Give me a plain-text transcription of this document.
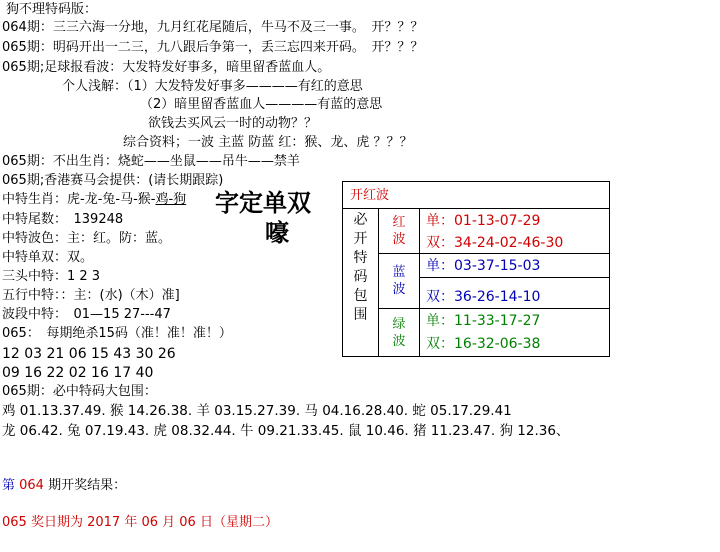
狗不理特码版：
064期：三三六海一分地，九月红花尾随后，牛马不及三一事。　开？？？
065期：明码开出一二三，九八跟后争第一，丢三忘四来开码。　开？？？
065期;足球报看波：大发特发好事多，暗里留香蓝血人。
个人浅解：（1）大发特发好事多————有红的意思
（2）暗里留香蓝血人————有蓝的意思
欲钱去买风云一时的动物？？
综合资料；一波 主蓝 防蓝 红：猴、龙、虎 ？？？
065期：不出生肖：烧蛇——坐鼠——吊牛——禁羊
065期;香港赛马会提供：(请长期跟踪)
中特生肖：虎-龙-兔-马-猴-鸡-狗
中特尾数：　139248
中特波色：主：红。防：蓝。
中特单双：双。
三头中特：1 2 3
五行中特：：主：(水)（木）准]
波段中特：　01—15 27---47
065：　每期绝杀15码（准！准！准！）
12 03 21 06 15 43 30 26
09 16 22 02 16 17 40
065期：必中特码大包围：
鸡 01.13.37.49. 猴 14.26.38. 羊 03.15.27.39. 马 04.16.28.40. 蛇 05.17.29.41
龙 06.42. 兔 07.19.43. 虎 08.32.44. 牛 09.21.33.45. 鼠 10.46. 猪 11.23.47. 狗 12.36、
第 064 期开奖结果：
065 奖日期为 2017 年 06 月 06 日（星期二）
字定单双
嚎
开红波
必
开
特
码
包
围
红
波
单：01-13-07-29
双：34-24-02-46-30
蓝
波
单：03-37-15-03
双：36-26-14-10
绿
波
单：11-33-17-27
双：16-32-06-38
